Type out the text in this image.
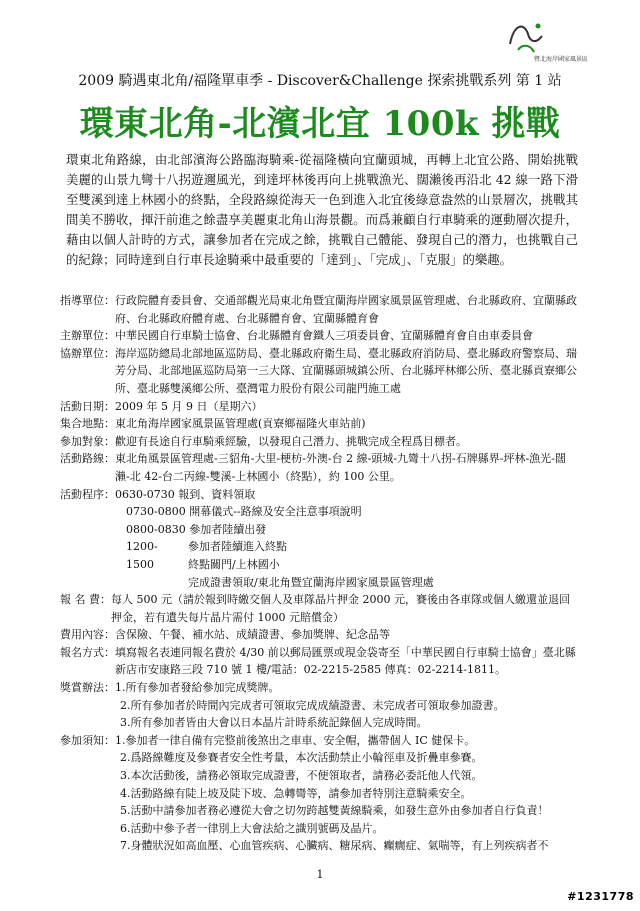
暨北海岸國家風景區
2009 騎遇東北角/福隆單車季 - Discover&Challenge 探索挑戰系列 第 1 站
環東北角-北濱北宜 100k 挑戰
環東北角路線，由北部濱海公路臨海騎乘-從福隆橫向宜蘭頭城，再轉上北宜公路、開始挑戰美麗的山景九彎十八拐遊邇風光，到達坪林後再向上挑戰漁光、闊瀨後再沿北 42 線一路下滑至雙溪到達上林國小的終點，全段路線從海天一色到進入北宜後綠意盎然的山景層次，挑戰其間美不勝收，揮汗前進之餘盡享美麗東北角山海景觀。而爲兼顧自行車騎乘的運動層次提升，藉由以個人計時的方式，讓參加者在完成之餘，挑戰自己體能、發現自己的潛力，也挑戰自己的紀錄；同時達到自行車長途騎乘中最重要的「達到」、「完成」、「克服」的樂趣。
指導單位： 行政院體育委員會、交通部觀光局東北角暨宜蘭海岸國家風景區管理處、台北縣政府、宜蘭縣政府、台北縣政府體育處、台北縣體育會、宜蘭縣體育會
主辦單位： 中華民國自行車騎士協會、台北縣體育會鐵人三項委員會、宜蘭縣體育會自由車委員會
協辦單位： 海岸巡防總局北部地區巡防局、臺北縣政府衛生局、臺北縣政府消防局、臺北縣政府警察局、瑞芳分局、北部地區巡防局第一三大隊、宜蘭縣頭城鎮公所、台北縣坪林鄉公所、臺北縣貢寮鄉公所、臺北縣雙溪鄉公所、臺灣電力股份有限公司龍門施工處
活動日期： 2009 年 5 月 9 日（星期六）
集合地點： 東北角海岸國家風景區管理處(貢寮鄉福隆火車站前)
參加對象： 歡迎有長途自行車騎乘經驗，以發現自己潛力、挑戰完成全程爲目標者。
活動路線： 東北角風景區管理處-三貂角-大里-梗枋-外澳-台 2 線-頭城-九彎十八拐-石牌縣界-坪林-漁光-闊瀨-北 42-台二丙線-雙溪-上林國小（終點），約 100 公里。
活動程序： 0630-0730 報到、資料領取
0730-0800 開幕儀式--路線及安全注意事項說明
0800-0830 參加者陸續出發
1200-	參加者陸續進入終點
1500	終點關門/上林國小
完成證書領取/東北角暨宜蘭海岸國家風景區管理處
報 名 費： 每人 500 元（請於報到時繳交個人及車隊晶片押金 2000 元，賽後由各車隊或個人繳還並退回押金，若有遺失每片晶片需付 1000 元賠償金）
費用內容： 含保險、午餐、補水站、成績證書、參加獎牌、紀念品等
報名方式： 填寫報名表連同報名費於 4/30 前以郵局匯票或現金袋寄至「中華民國自行車騎士協會」臺北縣新店市安康路三段 710 號 1 樓/電話：02-2215-2585 傳真：02-2214-1811。
獎賞辦法： 1.所有參加者發給參加完成獎牌。
2.所有參加者於時間內完成者可領取完成成績證書、未完成者可領取參加證書。
3.所有參加者皆由大會以日本晶片計時系統記錄個人完成時間。
參加須知： 1.參加者一律自備有完整前後煞出之車車、安全帽，攜帶個人 IC 健保卡。
2.爲路線難度及參賽者安全性考量，本次活動禁止小輪徑車及折疊車參賽。
3.本次活動後，請務必領取完成證書，不便領取者，請務必委託他人代領。
4.活動路線有陡上坡及陡下坡、急轉彎等，請參加者特別注意騎乘安全。
5.活動中請參加者務必遵從大會之切勿跨越雙黃線騎乘，如發生意外由參加者自行負責！
6.活動中參予者一律別上大會法給之識別號碼及晶片。
7.身體狀況如高血壓、心血管疾病、心臟病、糖尿病、癲癇症、氣喘等，有上列疾病者不
1
#1231778
